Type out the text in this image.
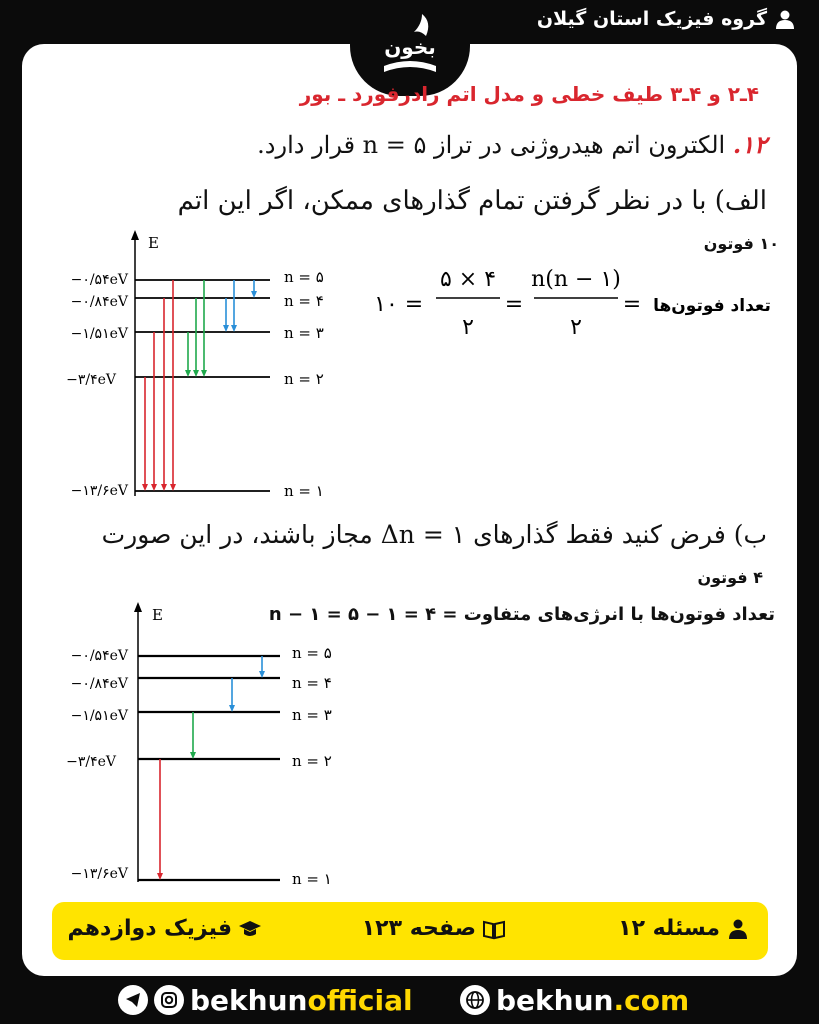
گروه فیزیک استان گیلان
بخون
۴ـ۲ و ۴ـ۳ طیف خطی و مدل اتم رادرفورد ـ بور
۱۲. الکترون اتم هیدروژنی در تراز ۵ = n قرار دارد.
الف) با در نظر گرفتن تمام گذارهای ممکن، اگر این اتم
۱۰ فوتون
۱۰ =
۵ × ۴
۲
=
n(n − ۱)
۲
= تعداد فوتون‌ها
E
−۰/۵۴eV
−۰/۸۴eV
−۱/۵۱eV
−۳/۴eV
−۱۳/۶eV
n = ۵
n = ۴
n = ۳
n = ۲
n = ۱
ب) فرض کنید فقط گذارهای ۱ = Δn مجاز باشند، در این صورت
۴ فوتون
تعداد فوتون‌ها با انرژی‌های متفاوت = n − ۱ = ۵ − ۱ = ۴
E
−۰/۵۴eV
−۰/۸۴eV
−۱/۵۱eV
−۳/۴eV
−۱۳/۶eV
n = ۵
n = ۴
n = ۳
n = ۲
n = ۱
مسئله ۱۲
صفحه ۱۲۳
فیزیک دوازدهم
bekhunofficial	bekhun.com
